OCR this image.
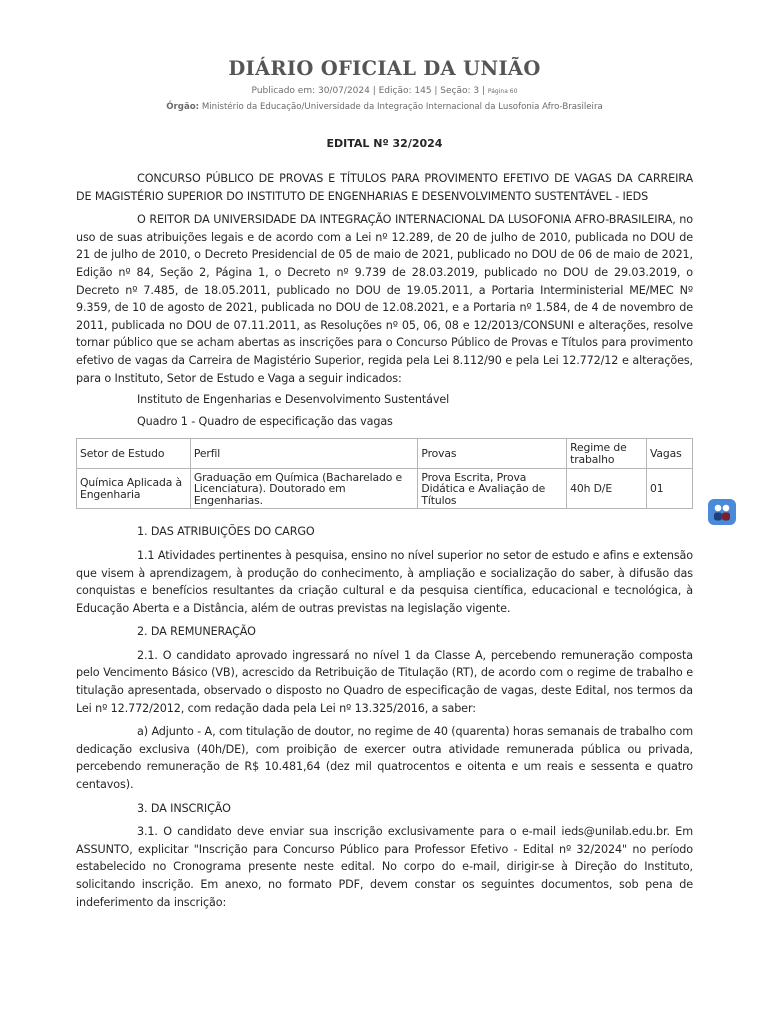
DIÁRIO OFICIAL DA UNIÃO
Publicado em: 30/07/2024 | Edição: 145 | Seção: 3 | Página 60
Órgão: Ministério da Educação/Universidade da Integração Internacional da Lusofonia Afro-Brasileira
EDITAL Nº 32/2024

CONCURSO PÚBLICO DE PROVAS E TÍTULOS PARA PROVIMENTO EFETIVO DE VAGAS DA CARREIRA DE MAGISTÉRIO SUPERIOR DO INSTITUTO DE ENGENHARIAS E DESENVOLVIMENTO SUSTENTÁVEL - IEDS

O REITOR DA UNIVERSIDADE DA INTEGRAÇÃO INTERNACIONAL DA LUSOFONIA AFRO-BRASILEIRA, no uso de suas atribuições legais e de acordo com a Lei nº 12.289, de 20 de julho de 2010, publicada no DOU de 21 de julho de 2010, o Decreto Presidencial de 05 de maio de 2021, publicado no DOU de 06 de maio de 2021, Edição nº 84, Seção 2, Página 1, o Decreto nº 9.739 de 28.03.2019, publicado no DOU de 29.03.2019, o Decreto nº 7.485, de 18.05.2011, publicado no DOU de 19.05.2011, a Portaria Interministerial ME/MEC Nº 9.359, de 10 de agosto de 2021, publicada no DOU de 12.08.2021, e a Portaria nº 1.584, de 4 de novembro de 2011, publicada no DOU de 07.11.2011, as Resoluções nº 05, 06, 08 e 12/2013/CONSUNI e alterações, resolve tornar público que se acham abertas as inscrições para o Concurso Público de Provas e Títulos para provimento efetivo de vagas da Carreira de Magistério Superior, regida pela Lei 8.112/90 e pela Lei 12.772/12 e alterações, para o Instituto, Setor de Estudo e Vaga a seguir indicados:

Instituto de Engenharias e Desenvolvimento Sustentável

Quadro 1 - Quadro de especificação das vagas

Setor de Estudo	Perfil	Provas	Regime de trabalho	Vagas
Química Aplicada à Engenharia	Graduação em Química (Bacharelado e Licenciatura). Doutorado em Engenharias.	Prova Escrita, Prova Didática e Avaliação de Títulos	40h D/E	01

1. DAS ATRIBUIÇÕES DO CARGO

1.1 Atividades pertinentes à pesquisa, ensino no nível superior no setor de estudo e afins e extensão que visem à aprendizagem, à produção do conhecimento, à ampliação e socialização do saber, à difusão das conquistas e benefícios resultantes da criação cultural e da pesquisa científica, educacional e tecnológica, à Educação Aberta e a Distância, além de outras previstas na legislação vigente.

2. DA REMUNERAÇÃO

2.1. O candidato aprovado ingressará no nível 1 da Classe A, percebendo remuneração composta pelo Vencimento Básico (VB), acrescido da Retribuição de Titulação (RT), de acordo com o regime de trabalho e titulação apresentada, observado o disposto no Quadro de especificação de vagas, deste Edital, nos termos da Lei nº 12.772/2012, com redação dada pela Lei nº 13.325/2016, a saber:

a) Adjunto - A, com titulação de doutor, no regime de 40 (quarenta) horas semanais de trabalho com dedicação exclusiva (40h/DE), com proibição de exercer outra atividade remunerada pública ou privada, percebendo remuneração de R$ 10.481,64 (dez mil quatrocentos e oitenta e um reais e sessenta e quatro centavos).

3. DA INSCRIÇÃO

3.1. O candidato deve enviar sua inscrição exclusivamente para o e-mail ieds@unilab.edu.br. Em ASSUNTO, explicitar "Inscrição para Concurso Público para Professor Efetivo - Edital nº 32/2024" no período estabelecido no Cronograma presente neste edital. No corpo do e-mail, dirigir-se à Direção do Instituto, solicitando inscrição. Em anexo, no formato PDF, devem constar os seguintes documentos, sob pena de indeferimento da inscrição:
